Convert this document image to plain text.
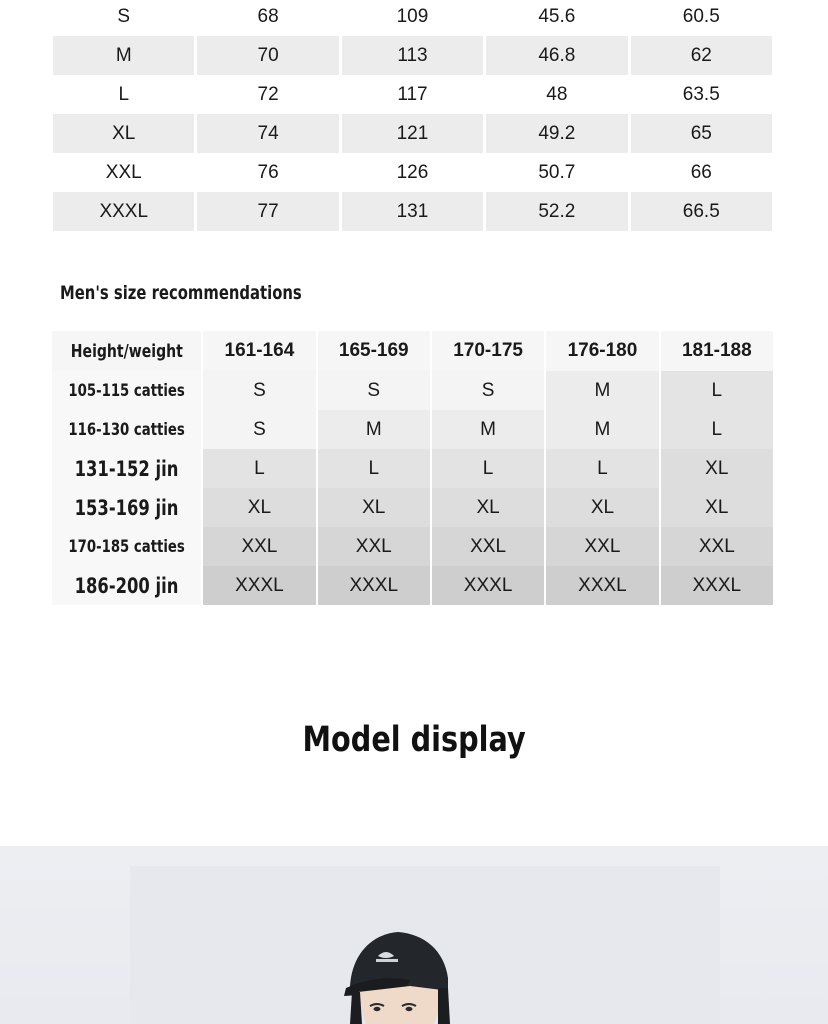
S	68	109	45.6	60.5
M	70	113	46.8	62
L	72	117	48	63.5
XL	74	121	49.2	65
XXL	76	126	50.7	66
XXXL	77	131	52.2	66.5
Men's size recommendations
Height/weight	161-164	165-169	170-175	176-180	181-188
105-115 catties	S	S	S	M	L
116-130 catties	S	M	M	M	L
131-152 jin	L	L	L	L	XL
153-169 jin	XL	XL	XL	XL	XL
170-185 catties	XXL	XXL	XXL	XXL	XXL
186-200 jin	XXXL	XXXL	XXXL	XXXL	XXXL
Model display
